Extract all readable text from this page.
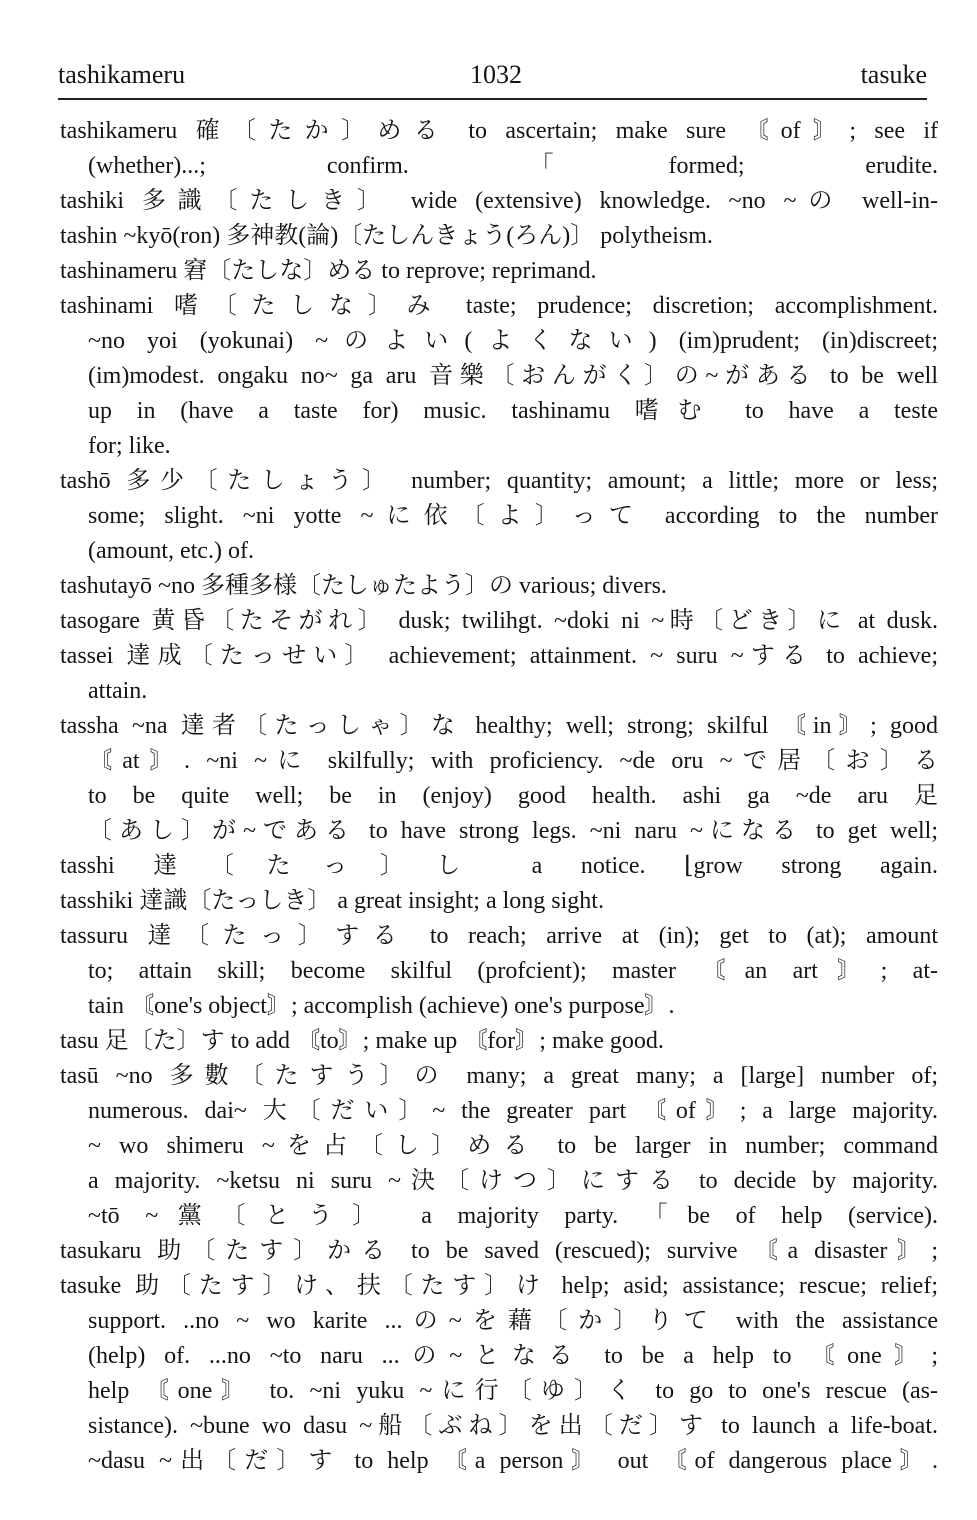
tashikameru	1032	tasuke
tashikameru 確〔たか〕める to ascertain; make sure 〘of〙; see if
(whether)...; confirm. 「formed; erudite.
tashiki 多識〔たしき〕 wide (extensive) knowledge. ~no ~の well-in-
tashin ~kyō(ron) 多神教(論)〔たしんきょう(ろん)〕 polytheism.
tashinameru 窘〔たしな〕める to reprove; reprimand.
tashinami 嗜〔たしな〕み taste; prudence; discretion; accomplishment.
~no yoi (yokunai) ~のよい(よくない) (im)prudent; (in)discreet;
(im)modest. ongaku no~ ga aru 音樂〔おんがく〕の~がある to be well
up in (have a taste for) music. tashinamu 嗜む to have a teste
for; like.
tashō 多少〔たしょう〕 number; quantity; amount; a little; more or less;
some; slight. ~ni yotte ~に依〔よ〕って according to the number
(amount, etc.) of.
tashutayō ~no 多種多様〔たしゅたよう〕の various; divers.
tasogare 黄昏〔たそがれ〕 dusk; twilihgt. ~doki ni ~時〔どき〕に at dusk.
tassei 達成〔たっせい〕 achievement; attainment. ~ suru ~する to achieve;
attain.
tassha ~na 達者〔たっしゃ〕な healthy; well; strong; skilful 〘in〙; good
〘at〙. ~ni ~に skilfully; with proficiency. ~de oru ~で居〔お〕る
to be quite well; be in (enjoy) good health. ashi ga ~de aru 足
〔あし〕が~である to have strong legs. ~ni naru ~になる to get well;
tasshi 達〔たっ〕し a notice. ⌊grow strong again.
tasshiki 達識〔たっしき〕 a great insight; a long sight.
tassuru 達〔たっ〕する to reach; arrive at (in); get to (at); amount
to; attain skill; become skilful (profcient); master 〘an art〙; at-
tain 〘one's object〙; accomplish (achieve) one's purpose〙.
tasu 足〔た〕す to add 〘to〙; make up 〘for〙; make good.
tasū ~no 多數〔たすう〕の many; a great many; a [large] number of;
numerous. dai~ 大〔だい〕~ the greater part 〘of〙; a large majority.
~ wo shimeru ~を占〔し〕める to be larger in number; command
a majority. ~ketsu ni suru ~決〔けつ〕にする to decide by majority.
~tō ~黨〔とう〕 a majority party. 「be of help (service).
tasukaru 助〔たす〕かる to be saved (rescued); survive 〘a disaster〙;
tasuke 助〔たす〕け、扶〔たす〕け help; asid; assistance; rescue; relief;
support. ..no ~ wo karite ...の~を藉〔か〕りて with the assistance
(help) of. ...no ~to naru ...の~となる to be a help to 〘one〙;
help 〘one〙 to. ~ni yuku ~に行〔ゆ〕く to go to one's rescue (as-
sistance). ~bune wo dasu ~船〔ぶね〕を出〔だ〕す to launch a life-boat.
~dasu ~出〔だ〕す to help 〘a person〙 out 〘of dangerous place〙.
